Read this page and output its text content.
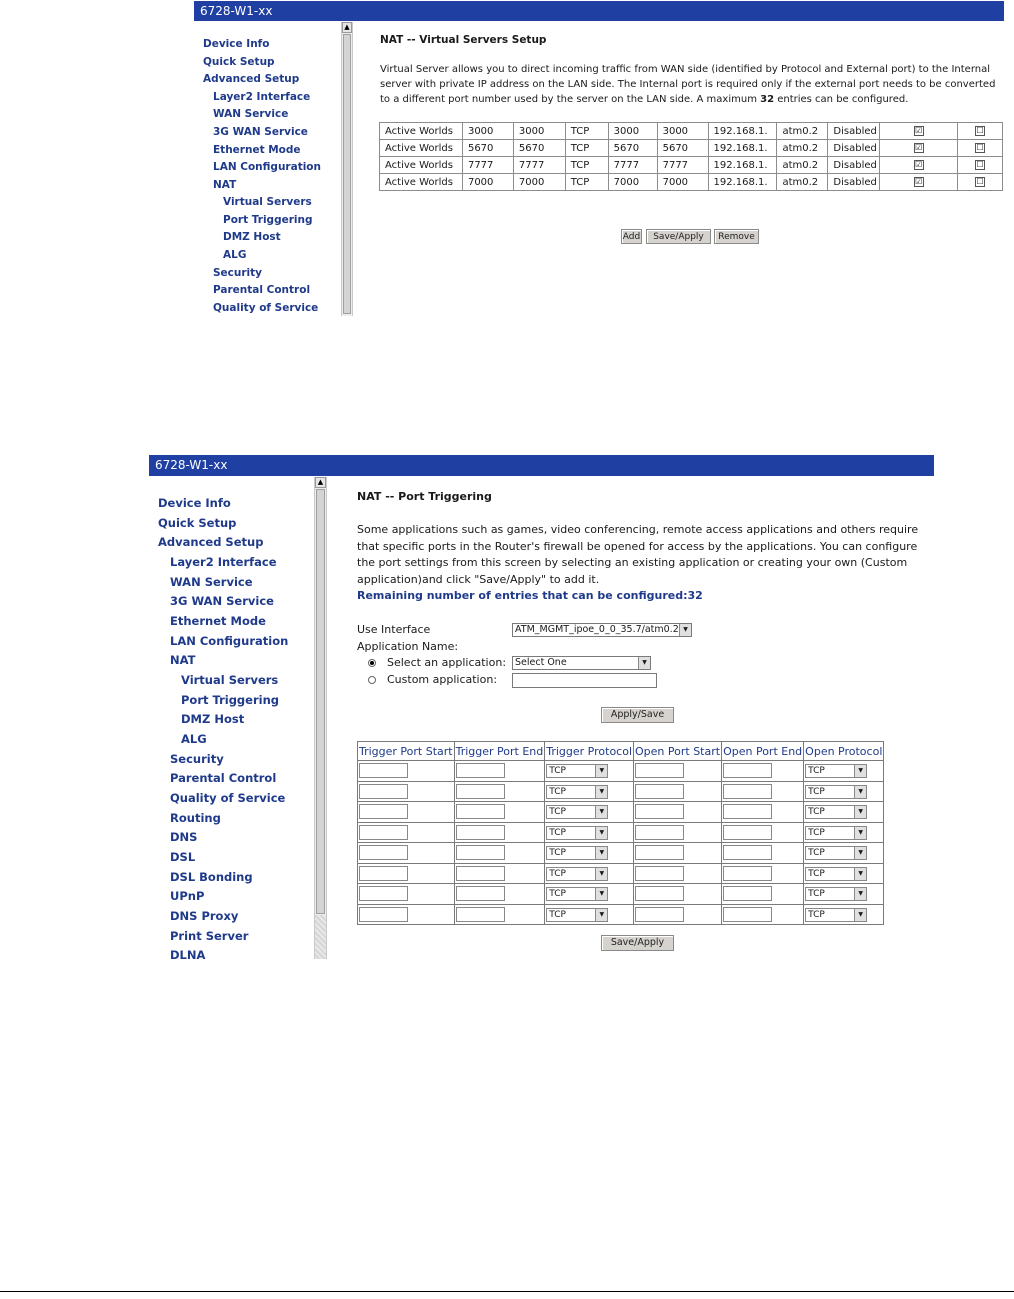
6728-W1-xx
Device Info
Quick Setup
Advanced Setup
Layer2 Interface
WAN Service
3G WAN Service
Ethernet Mode
LAN Configuration
NAT
Virtual Servers
Port Triggering
DMZ Host
ALG
Security
Parental Control
Quality of Service
▲
NAT -- Virtual Servers Setup
Virtual Server allows you to direct incoming traffic from WAN side (identified by Protocol and External port) to the Internal server with private IP address on the LAN side. The Internal port is required only if the external port needs to be converted to a different port number used by the server on the LAN side. A maximum 32 entries can be configured.
Active Worlds	3000	3000	TCP	3000	3000	192.168.1.	atm0.2	Disabled	☑	☐
Active Worlds	5670	5670	TCP	5670	5670	192.168.1.	atm0.2	Disabled	☑	☐
Active Worlds	7777	7777	TCP	7777	7777	192.168.1.	atm0.2	Disabled	☑	☐
Active Worlds	7000	7000	TCP	7000	7000	192.168.1.	atm0.2	Disabled	☑	☐
Add	Save/Apply	Remove
6728-W1-xx
Device Info
Quick Setup
Advanced Setup
Layer2 Interface
WAN Service
3G WAN Service
Ethernet Mode
LAN Configuration
NAT
Virtual Servers
Port Triggering
DMZ Host
ALG
Security
Parental Control
Quality of Service
Routing
DNS
DSL
DSL Bonding
UPnP
DNS Proxy
Print Server
DLNA
▲
NAT -- Port Triggering
Some applications such as games, video conferencing, remote access applications and others require that specific ports in the Router's firewall be opened for access by the applications. You can configure the port settings from this screen by selecting an existing application or creating your own (Custom application)and click "Save/Apply" to add it.
Remaining number of entries that can be configured:32
Use Interface	ATM_MGMT_ipoe_0_0_35.7/atm0.2 ▼
Application Name:
Select an application: Select One	▼
Custom application:
Apply/Save
Trigger Port Start	Trigger Port End	Trigger Protocol	Open Port Start	Open Port End	Open Protocol

		TCP ▼			TCP ▼

		TCP ▼			TCP ▼

		TCP ▼			TCP ▼

		TCP ▼			TCP ▼

		TCP ▼			TCP ▼

		TCP ▼			TCP ▼

		TCP ▼			TCP ▼

		TCP ▼			TCP ▼
Save/Apply
